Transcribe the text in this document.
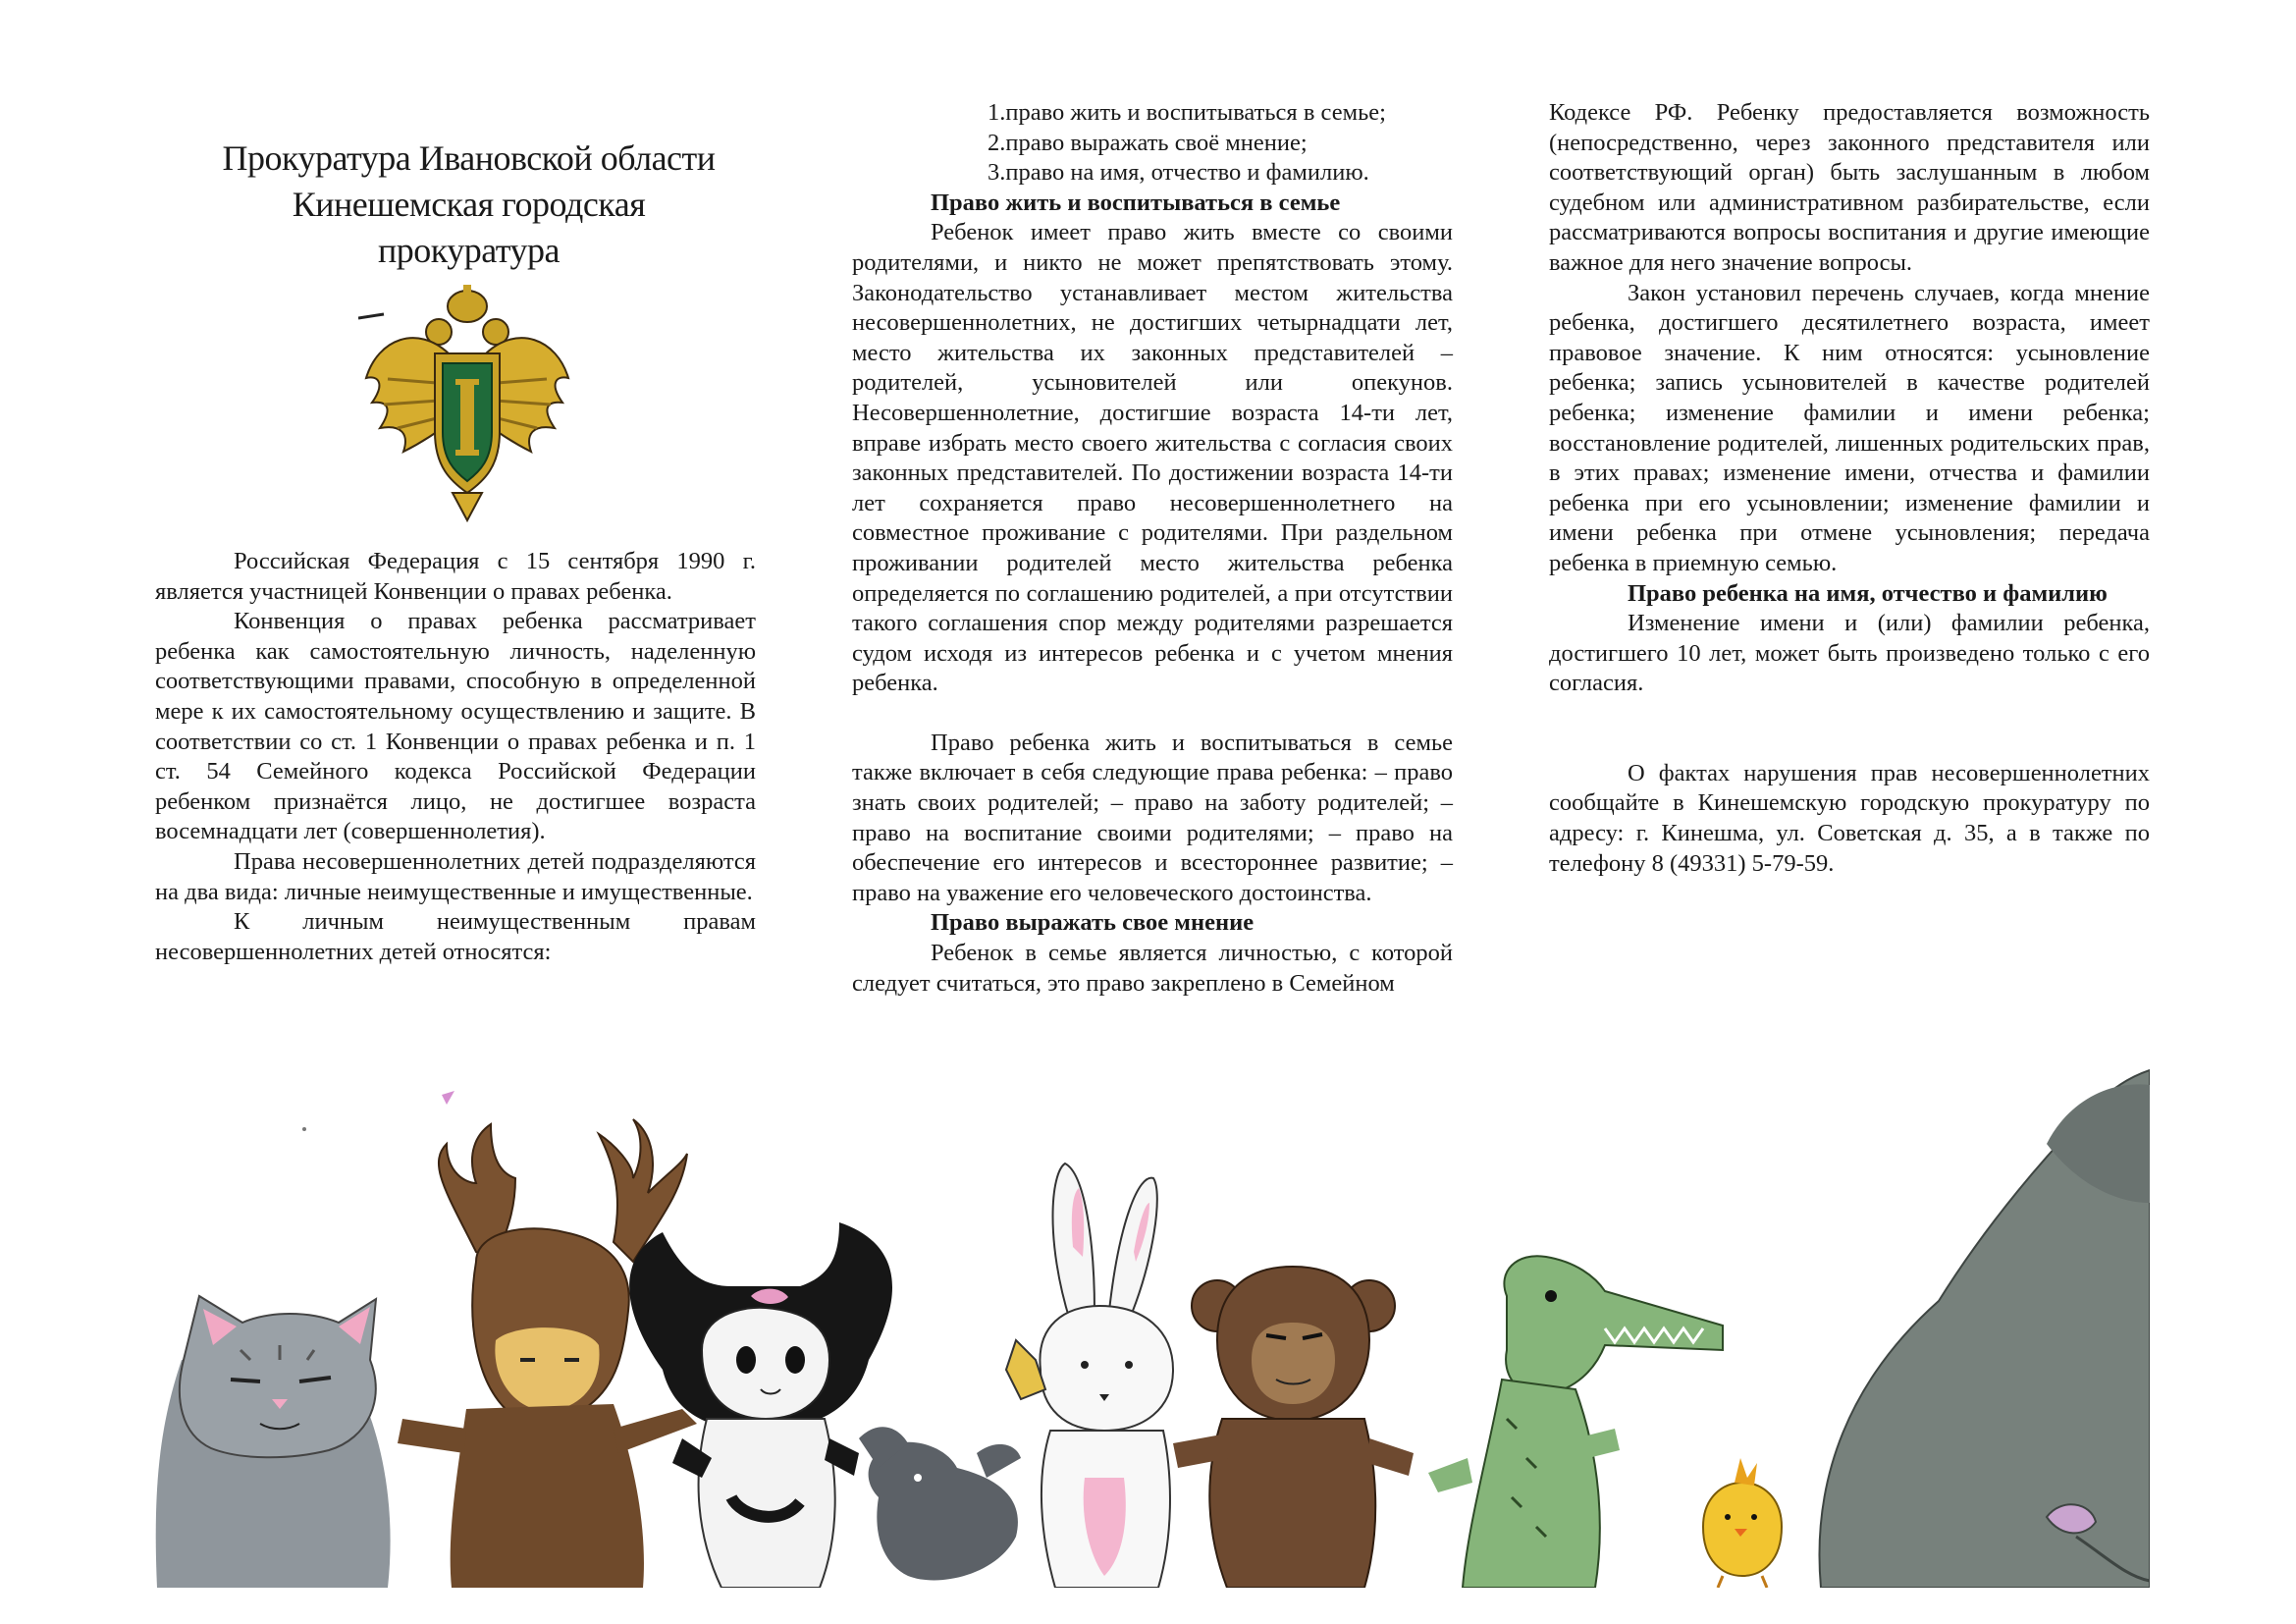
Прокуратура Ивановской области
Кинешемская городская
прокуратура

Российская Федерация с 15 сентября 1990 г. является участницей Конвенции о правах ребенка.

Конвенция о правах ребенка рассматривает ребенка как самостоятельную личность, наделенную соответствующими правами, способную в определенной мере к их самостоятельному осуществлению и защите. В соответствии со ст. 1 Конвенции о правах ребенка и п. 1 ст. 54 Семейного кодекса Российской Федерации ребенком признаётся лицо, не достигшее возраста восемнадцати лет (совершеннолетия).

Права несовершеннолетних детей подразделяются на два вида: личные неимущественные и имущественные.

К личным неимущественным правам несовершеннолетних детей относятся:

1.право жить и воспитываться в семье;
2.право выражать своё мнение;
3.право на имя, отчество и фамилию.

Право жить и воспитываться в семье

Ребенок имеет право жить вместе со своими родителями, и никто не может препятствовать этому. Законодательство устанавливает местом жительства несовершеннолетних, не достигших четырнадцати лет, место жительства их законных представителей – родителей, усыновителей или опекунов. Несовершеннолетние, достигшие возраста 14-ти лет, вправе избрать место своего жительства с согласия своих законных представителей. По достижении возраста 14-ти лет сохраняется право несовершеннолетнего на совместное проживание с родителями. При раздельном проживании родителей место жительства ребенка определяется по соглашению родителей, а при отсутствии такого соглашения спор между родителями разрешается судом исходя из интересов ребенка и с учетом мнения ребенка.

Право ребенка жить и воспитываться в семье также включает в себя следующие права ребенка: – право знать своих родителей; – право на заботу родителей; – право на воспитание своими родителями; – право на обеспечение его интересов и всестороннее развитие; – право на уважение его человеческого достоинства.

Право выражать свое мнение

Ребенок в семье является личностью, с которой следует считаться, это право закреплено в Семейном

Кодексе РФ. Ребенку предоставляется возможность (непосредственно, через законного представителя или соответствующий орган) быть заслушанным в любом судебном или административном разбирательстве, если рассматриваются вопросы воспитания и другие имеющие важное для него значение вопросы.

Закон установил перечень случаев, когда мнение ребенка, достигшего десятилетнего возраста, имеет правовое значение. К ним относятся: усыновление ребенка; запись усыновителей в качестве родителей ребенка; изменение фамилии и имени ребенка; восстановление родителей, лишенных родительских прав, в этих правах; изменение имени, отчества и фамилии ребенка при его усыновлении; изменение фамилии и имени ребенка при отмене усыновления; передача ребенка в приемную семью.

Право ребенка на имя, отчество и фамилию

Изменение имени и (или) фамилии ребенка, достигшего 10 лет, может быть произведено только с его согласия.

О фактах нарушения прав несовершеннолетних сообщайте в Кинешемскую городскую прокуратуру по адресу: г. Кинешма, ул. Советская д. 35, а в также по телефону 8 (49331) 5-79-59.
